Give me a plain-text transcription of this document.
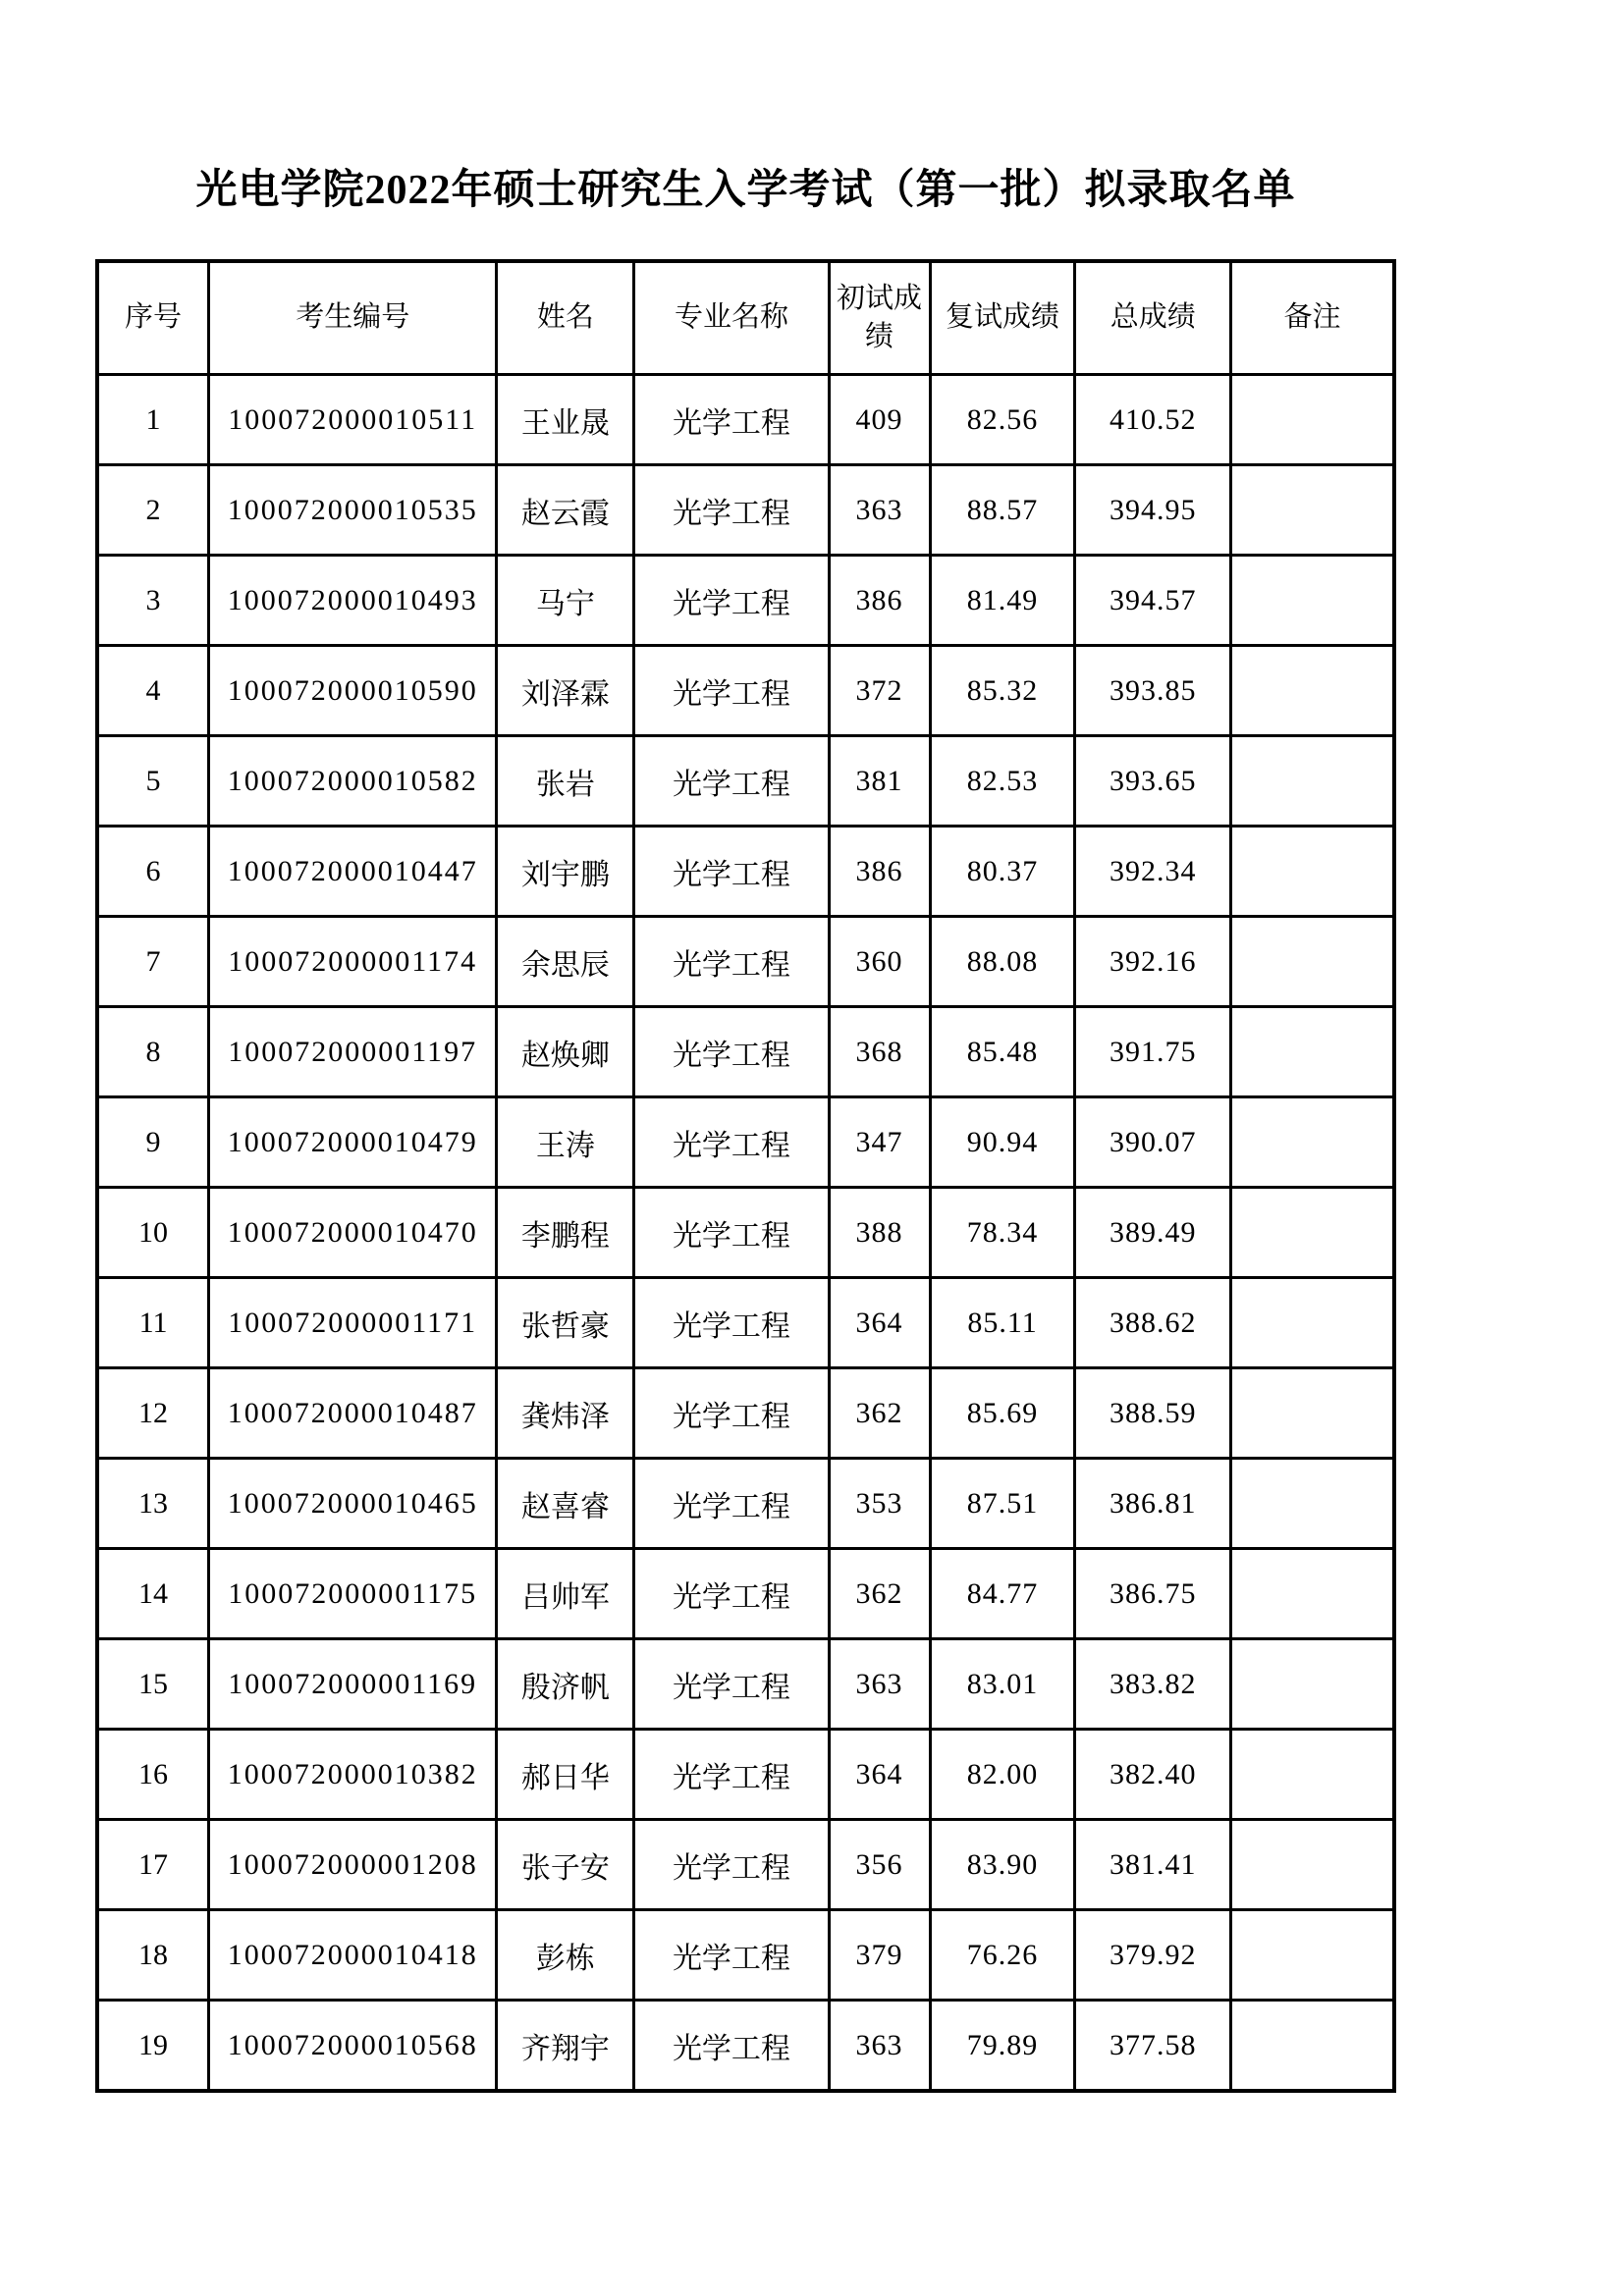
光电学院2022年硕士研究生入学考试（第一批）拟录取名单
序号	考生编号	姓名	专业名称	初试成绩	复试成绩	总成绩	备注
1	100072000010511	王业晟	光学工程	409	82.56	410.52	
2	100072000010535	赵云霞	光学工程	363	88.57	394.95	
3	100072000010493	马宁	光学工程	386	81.49	394.57	
4	100072000010590	刘泽霖	光学工程	372	85.32	393.85	
5	100072000010582	张岩	光学工程	381	82.53	393.65	
6	100072000010447	刘宇鹏	光学工程	386	80.37	392.34	
7	100072000001174	余思辰	光学工程	360	88.08	392.16	
8	100072000001197	赵焕卿	光学工程	368	85.48	391.75	
9	100072000010479	王涛	光学工程	347	90.94	390.07	
10	100072000010470	李鹏程	光学工程	388	78.34	389.49	
11	100072000001171	张哲豪	光学工程	364	85.11	388.62	
12	100072000010487	龚炜泽	光学工程	362	85.69	388.59	
13	100072000010465	赵喜睿	光学工程	353	87.51	386.81	
14	100072000001175	吕帅军	光学工程	362	84.77	386.75	
15	100072000001169	殷济帆	光学工程	363	83.01	383.82	
16	100072000010382	郝日华	光学工程	364	82.00	382.40	
17	100072000001208	张子安	光学工程	356	83.90	381.41	
18	100072000010418	彭栋	光学工程	379	76.26	379.92	
19	100072000010568	齐翔宇	光学工程	363	79.89	377.58	
